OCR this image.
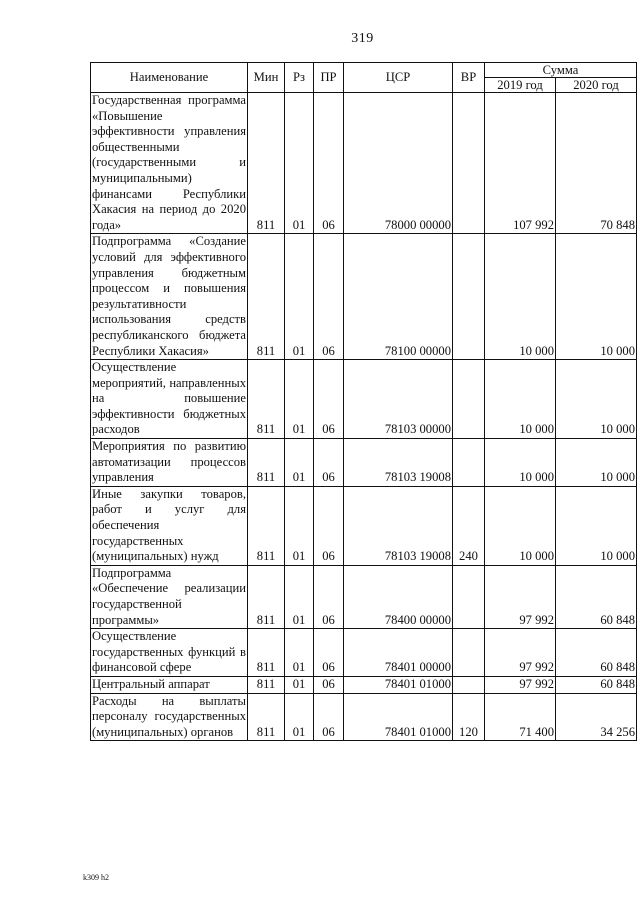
319
Наименование	Мин	Рз	ПР	ЦСР	ВР	Сумма	
						2019 год	2020 год
Государственная программа «Повышение эффективности управления общественными (государственными и муниципальными) финансами Республики Хакасия на период до 2020 года»	811	01	06	78000 00000		107 992	70 848
Подпрограмма «Создание условий для эффективного управления бюджетным процессом и повышения результативности использования средств республиканского бюджета Республики Хакасия»	811	01	06	78100 00000		10 000	10 000
Осуществление мероприятий, направленных на повышение эффективности бюджетных расходов	811	01	06	78103 00000		10 000	10 000
Мероприятия по развитию автоматизации процессов управления	811	01	06	78103 19008		10 000	10 000
Иные закупки товаров, работ и услуг для обеспечения государственных (муниципальных) нужд	811	01	06	78103 19008	240	10 000	10 000
Подпрограмма «Обеспечение реализации государственной программы»	811	01	06	78400 00000		97 992	60 848
Осуществление государственных функций в финансовой сфере	811	01	06	78401 00000		97 992	60 848
Центральный аппарат	811	01	06	78401 01000		97 992	60 848
Расходы на выплаты персоналу государственных (муниципальных) органов	811	01	06	78401 01000	120	71 400	34 256
k309 h2
